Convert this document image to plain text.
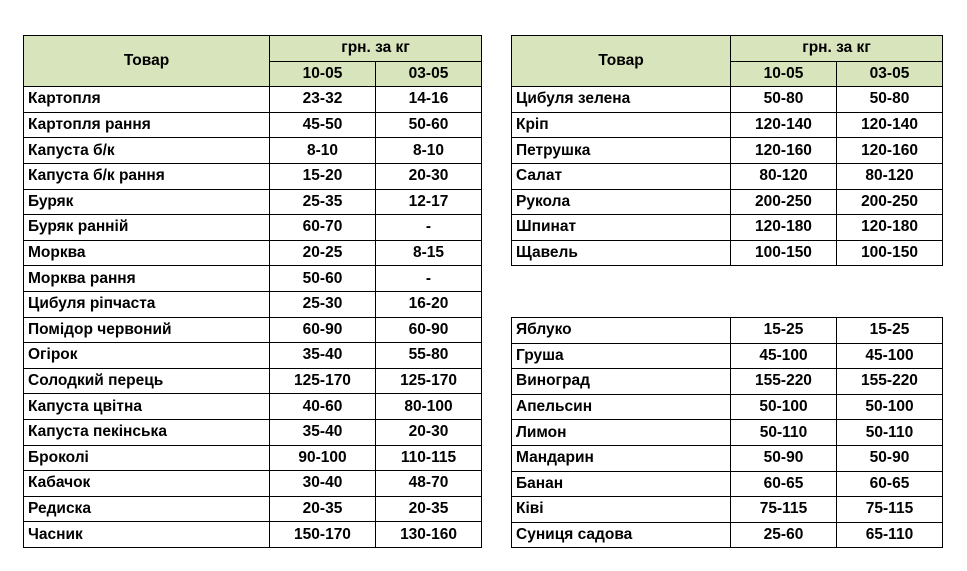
Товар	грн. за кг	
	10-05	03-05
Картопля	23-32	14-16
Картопля рання	45-50	50-60
Капуста б/к	8-10	8-10
Капуста б/к рання	15-20	20-30
Буряк	25-35	12-17
Буряк ранній	60-70	-
Морква	20-25	8-15
Морква рання	50-60	-
Цибуля ріпчаста	25-30	16-20
Помідор червоний	60-90	60-90
Огірок	35-40	55-80
Солодкий перець	125-170	125-170
Капуста цвітна	40-60	80-100
Капуста пекінська	35-40	20-30
Броколі	90-100	110-115
Кабачок	30-40	48-70
Редиска	20-35	20-35
Часник	150-170	130-160
Товар	грн. за кг	
	10-05	03-05
Цибуля зелена	50-80	50-80
Кріп	120-140	120-140
Петрушка	120-160	120-160
Салат	80-120	80-120
Рукола	200-250	200-250
Шпинат	120-180	120-180
Щавель	100-150	100-150
Яблуко	15-25	15-25
Груша	45-100	45-100
Виноград	155-220	155-220
Апельсин	50-100	50-100
Лимон	50-110	50-110
Мандарин	50-90	50-90
Банан	60-65	60-65
Ківі	75-115	75-115
Суниця садова	25-60	65-110
